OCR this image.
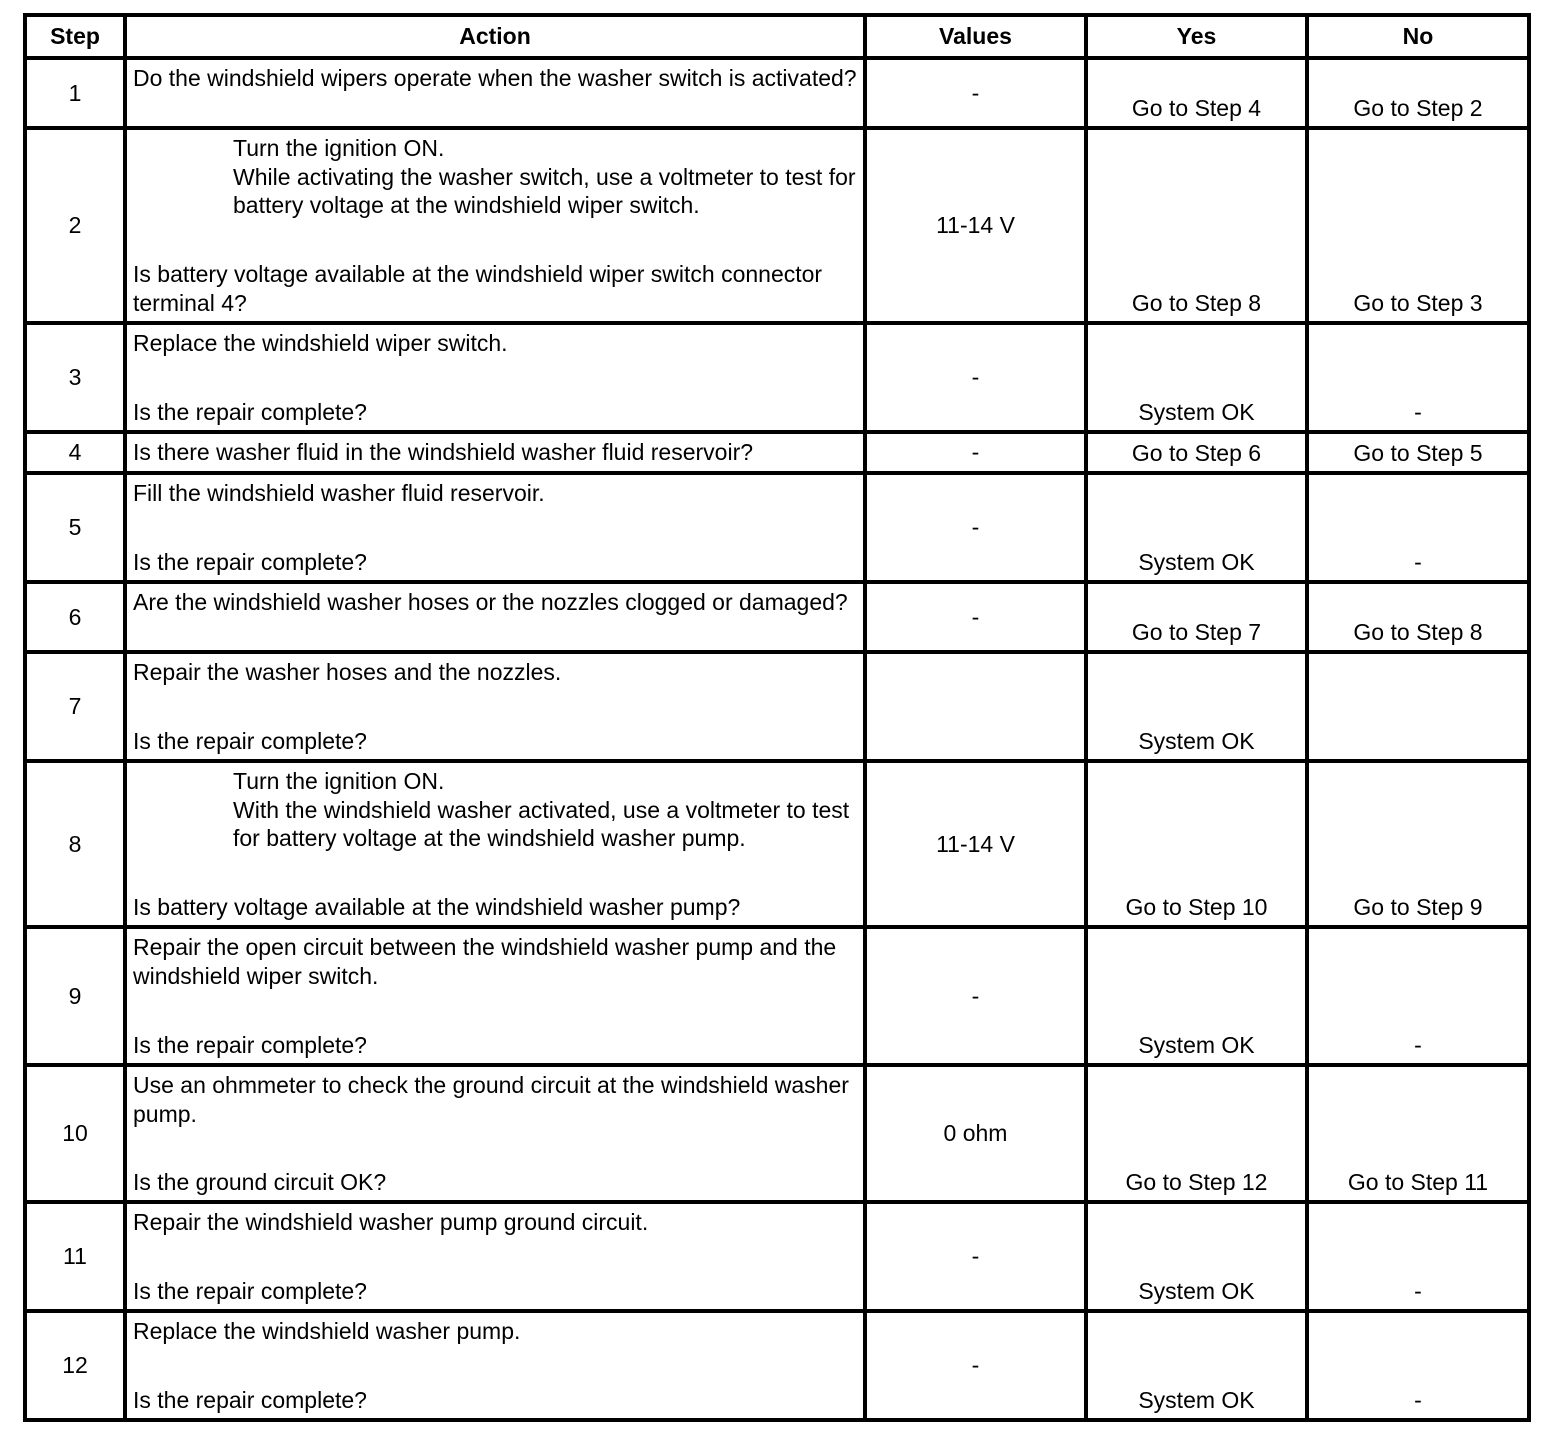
Step	Action	Values	Yes	No
1	Do the windshield wipers operate when the washer switch is activated?	-	Go to Step 4	Go to Step 2
2	Turn the ignition ON.
While activating the washer switch, use a voltmeter to test for battery voltage at the windshield wiper switch.
Is battery voltage available at the windshield wiper switch connector terminal 4?	11-14 V	Go to Step 8	Go to Step 3
3	Replace the windshield wiper switch.
Is the repair complete?	-	System OK	-
4	Is there washer fluid in the windshield washer fluid reservoir?	-	Go to Step 6	Go to Step 5
5	Fill the windshield washer fluid reservoir.
Is the repair complete?	-	System OK	-
6	Are the windshield washer hoses or the nozzles clogged or damaged?	-	Go to Step 7	Go to Step 8
7	Repair the washer hoses and the nozzles.
Is the repair complete?		System OK	
8	Turn the ignition ON.
With the windshield washer activated, use a voltmeter to test for battery voltage at the windshield washer pump.
Is battery voltage available at the windshield washer pump?	11-14 V	Go to Step 10	Go to Step 9
9	Repair the open circuit between the windshield washer pump and the windshield wiper switch.
Is the repair complete?	-	System OK	-
10	Use an ohmmeter to check the ground circuit at the windshield washer pump.
Is the ground circuit OK?	0 ohm	Go to Step 12	Go to Step 11
11	Repair the windshield washer pump ground circuit.
Is the repair complete?	-	System OK	-
12	Replace the windshield washer pump.
Is the repair complete?	-	System OK	-
